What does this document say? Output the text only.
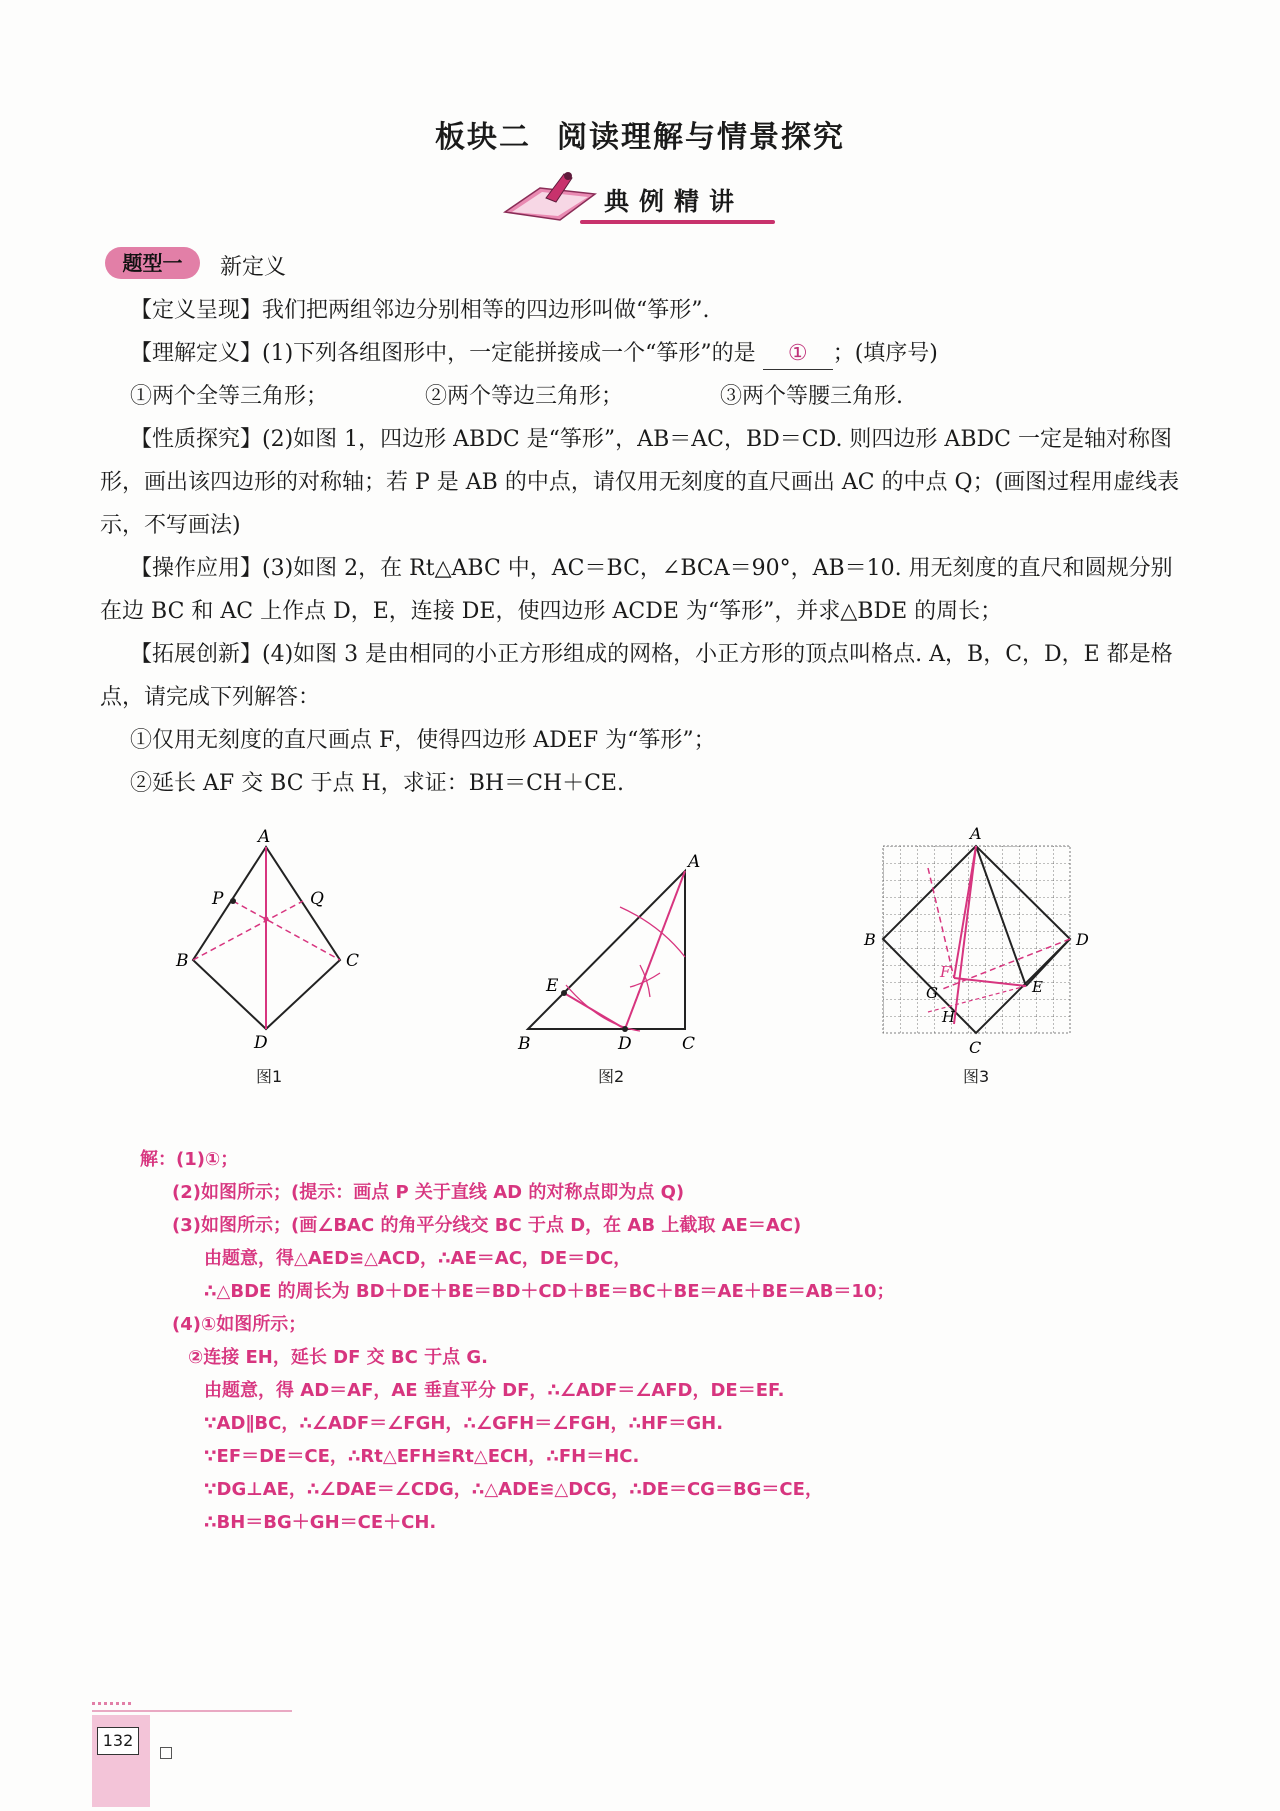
板块二 阅读理解与情景探究
典例精讲
题型一	新定义
【定义呈现】我们把两组邻边分别相等的四边形叫做“筝形”.
【理解定义】(1)下列各组图形中，一定能拼接成一个“筝形”的是 ① ；(填序号)
①两个全等三角形；	②两个等边三角形；	③两个等腰三角形.
【性质探究】(2)如图 1，四边形 ABDC 是“筝形”，AB＝AC，BD＝CD. 则四边形 ABDC 一定是轴对称图形，画出该四边形的对称轴；若 P 是 AB 的中点，请仅用无刻度的直尺画出 AC 的中点 Q；(画图过程用虚线表示，不写画法)
【操作应用】(3)如图 2，在 Rt△ABC 中，AC＝BC，∠BCA＝90°，AB＝10. 用无刻度的直尺和圆规分别在边 BC 和 AC 上作点 D，E，连接 DE，使四边形 ACDE 为“筝形”，并求△BDE 的周长；
【拓展创新】(4)如图 3 是由相同的小正方形组成的网格，小正方形的顶点叫格点. A，B，C，D，E 都是格点，请完成下列解答：
①仅用无刻度的直尺画点 F，使得四边形 ADEF 为“筝形”；
②延长 AF 交 BC 于点 H，求证：BH＝CH＋CE.
A
P	Q
B	C
D
图1
A
E
B	D	C
图2
A
B	D
E
F
G
H
C
图3
解：(1)①；
(2)如图所示；(提示：画点 P 关于直线 AD 的对称点即为点 Q)
(3)如图所示；(画∠BAC 的角平分线交 BC 于点 D，在 AB 上截取 AE＝AC)
由题意，得△AED≌△ACD，∴AE＝AC，DE＝DC，
∴△BDE 的周长为 BD＋DE＋BE＝BD＋CD＋BE＝BC＋BE＝AE＋BE＝AB＝10；
(4)①如图所示；
②连接 EH，延长 DF 交 BC 于点 G.
由题意，得 AD＝AF，AE 垂直平分 DF，∴∠ADF＝∠AFD，DE＝EF.
∵AD∥BC，∴∠ADF＝∠FGH，∴∠GFH＝∠FGH，∴HF＝GH.
∵EF＝DE＝CE，∴Rt△EFH≌Rt△ECH，∴FH＝HC.
∵DG⊥AE，∴∠DAE＝∠CDG，∴△ADE≌△DCG，∴DE＝CG＝BG＝CE，
∴BH＝BG＋GH＝CE＋CH.
132
